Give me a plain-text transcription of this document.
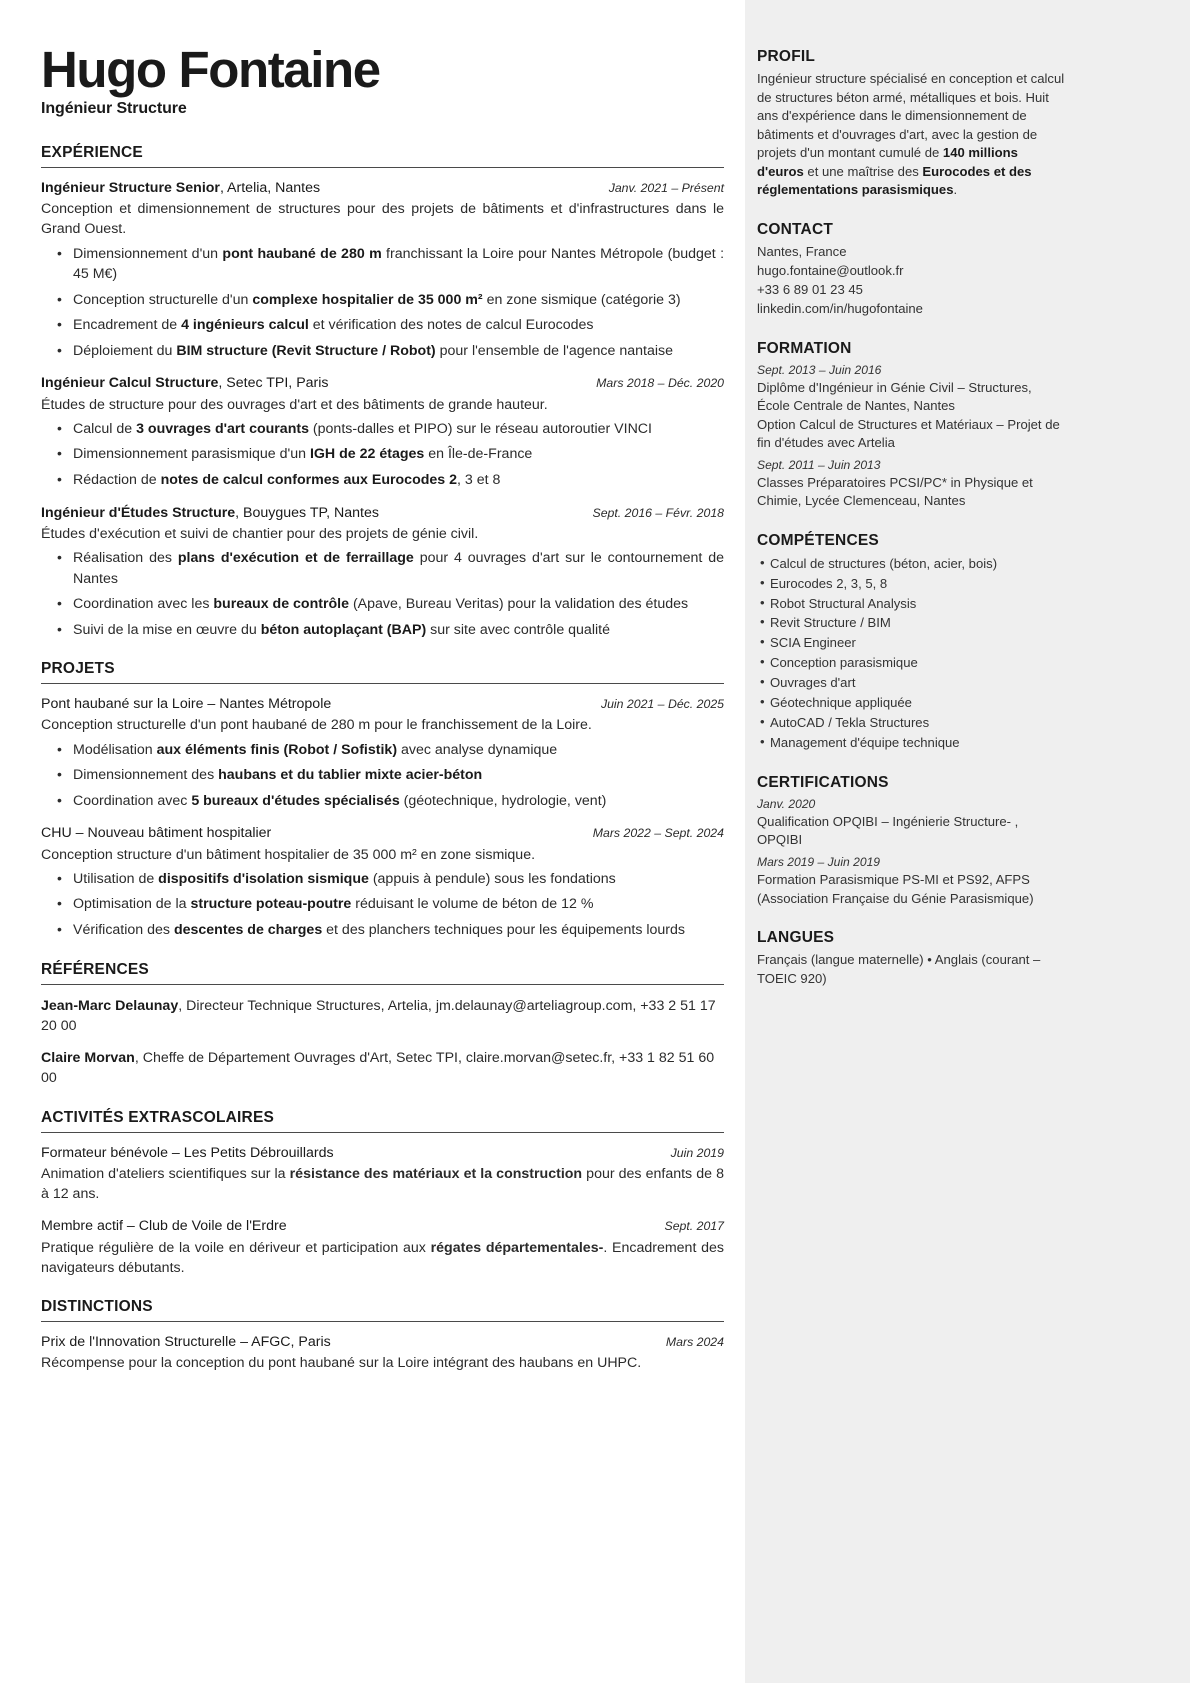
Hugo Fontaine
Ingénieur Structure
EXPÉRIENCE
Ingénieur Structure Senior, Artelia, Nantes	Janv. 2021 – Présent
Conception et dimensionnement de structures pour des projets de bâtiments et d'infrastructures dans le Grand Ouest.
• Dimensionnement d'un pont haubané de 280 m franchissant la Loire pour Nantes Métropole (budget : 45 M€)
• Conception structurelle d'un complexe hospitalier de 35 000 m² en zone sismique (catégorie 3)
• Encadrement de 4 ingénieurs calcul et vérification des notes de calcul Eurocodes
• Déploiement du BIM structure (Revit Structure / Robot) pour l'ensemble de l'agence nantaise
Ingénieur Calcul Structure, Setec TPI, Paris	Mars 2018 – Déc. 2020
Études de structure pour des ouvrages d'art et des bâtiments de grande hauteur.
• Calcul de 3 ouvrages d'art courants (ponts-dalles et PIPO) sur le réseau autoroutier VINCI
• Dimensionnement parasismique d'un IGH de 22 étages en Île-de-France
• Rédaction de notes de calcul conformes aux Eurocodes 2, 3 et 8
Ingénieur d'Études Structure, Bouygues TP, Nantes	Sept. 2016 – Févr. 2018
Études d'exécution et suivi de chantier pour des projets de génie civil.
• Réalisation des plans d'exécution et de ferraillage pour 4 ouvrages d'art sur le contournement de Nantes
• Coordination avec les bureaux de contrôle (Apave, Bureau Veritas) pour la validation des études
• Suivi de la mise en œuvre du béton autoplaçant (BAP) sur site avec contrôle qualité
PROJETS
Pont haubané sur la Loire – Nantes Métropole	Juin 2021 – Déc. 2025
Conception structurelle d'un pont haubané de 280 m pour le franchissement de la Loire.
• Modélisation aux éléments finis (Robot / Sofistik) avec analyse dynamique
• Dimensionnement des haubans et du tablier mixte acier-béton
• Coordination avec 5 bureaux d'études spécialisés (géotechnique, hydrologie, vent)
CHU – Nouveau bâtiment hospitalier	Mars 2022 – Sept. 2024
Conception structure d'un bâtiment hospitalier de 35 000 m² en zone sismique.
• Utilisation de dispositifs d'isolation sismique (appuis à pendule) sous les fondations
• Optimisation de la structure poteau-poutre réduisant le volume de béton de 12 %
• Vérification des descentes de charges et des planchers techniques pour les équipements lourds
RÉFÉRENCES
Jean-Marc Delaunay, Directeur Technique Structures, Artelia, jm.delaunay@arteliagroup.com, +33 2 51 17 20 00
Claire Morvan, Cheffe de Département Ouvrages d'Art, Setec TPI, claire.morvan@setec.fr, +33 1 82 51 60 00
ACTIVITÉS EXTRASCOLAIRES
Formateur bénévole – Les Petits Débrouillards	Juin 2019
Animation d'ateliers scientifiques sur la résistance des matériaux et la construction pour des enfants de 8 à 12 ans.
Membre actif – Club de Voile de l'Erdre	Sept. 2017
Pratique régulière de la voile en dériveur et participation aux régates départementales-. Encadrement des navigateurs débutants.
DISTINCTIONS
Prix de l'Innovation Structurelle – AFGC, Paris	Mars 2024
Récompense pour la conception du pont haubané sur la Loire intégrant des haubans en UHPC.
PROFIL

Ingénieur structure spécialisé en conception et calcul de structures béton armé, métalliques et bois. Huit ans d'expérience dans le dimensionnement de bâtiments et d'ouvrages d'art, avec la gestion de projets d'un montant cumulé de 140 millions d'euros et une maîtrise des Eurocodes et des réglementations parasismiques.

CONTACT
Nantes, France
hugo.fontaine@outlook.fr
+33 6 89 01 23 45
linkedin.com/in/hugofontaine
FORMATION
Sept. 2013 – Juin 2016
Diplôme d'Ingénieur in Génie Civil – Structures, École Centrale de Nantes, Nantes
Option Calcul de Structures et Matériaux – Projet de fin d'études avec Artelia
Sept. 2011 – Juin 2013
Classes Préparatoires PCSI/PC* in Physique et Chimie, Lycée Clemenceau, Nantes
COMPÉTENCES
• Calcul de structures (béton, acier, bois)
• Eurocodes 2, 3, 5, 8
• Robot Structural Analysis
• Revit Structure / BIM
• SCIA Engineer
• Conception parasismique
• Ouvrages d'art
• Géotechnique appliquée
• AutoCAD / Tekla Structures
• Management d'équipe technique
CERTIFICATIONS
Janv. 2020
Qualification OPQIBI – Ingénierie Structure- , OPQIBI
Mars 2019 – Juin 2019
Formation Parasismique PS-MI et PS92, AFPS (Association Française du Génie Parasismique)
LANGUES
Français (langue maternelle) • Anglais (courant – TOEIC 920)
